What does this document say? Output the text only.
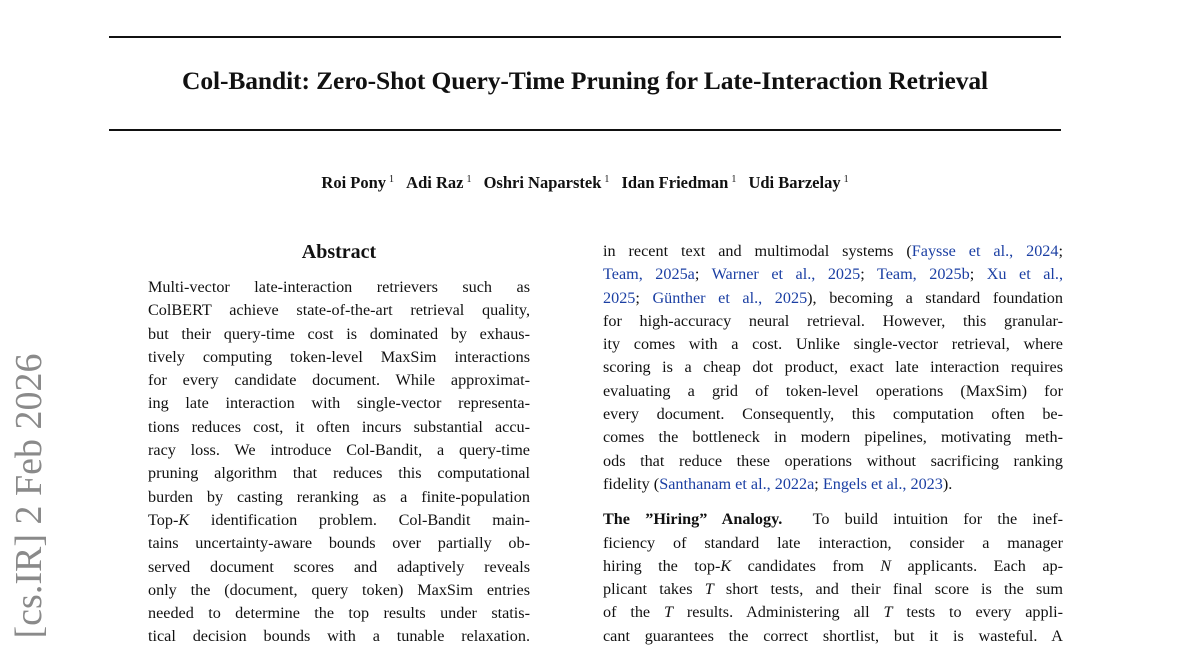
Col-Bandit: Zero-Shot Query-Time Pruning for Late-Interaction Retrieval
Roi Pony $^1$ Adi Raz $^1$ Oshri Naparstek $^1$ Idan Friedman $^1$ Udi Barzelay $^1$
[cs.IR] 2 Feb 2026
Abstract
Multi-vector late-interaction retrievers such as
ColBERT achieve state-of-the-art retrieval quality,
but their query-time cost is dominated by exhaus-
tively computing token-level MaxSim interactions
for every candidate document. While approximat-
ing late interaction with single-vector representa-
tions reduces cost, it often incurs substantial accu-
racy loss. We introduce Col-Bandit, a query-time
pruning algorithm that reduces this computational
burden by casting reranking as a finite-population
Top-K identification problem. Col-Bandit main-
tains uncertainty-aware bounds over partially ob-
served document scores and adaptively reveals
only the (document, query token) MaxSim entries
needed to determine the top results under statis-
tical decision bounds with a tunable relaxation.
in recent text and multimodal systems (Faysse et al., 2024;
Team, 2025a; Warner et al., 2025; Team, 2025b; Xu et al.,
2025; Günther et al., 2025), becoming a standard foundation
for high-accuracy neural retrieval. However, this granular-
ity comes with a cost. Unlike single-vector retrieval, where
scoring is a cheap dot product, exact late interaction requires
evaluating a grid of token-level operations (MaxSim) for
every document. Consequently, this computation often be-
comes the bottleneck in modern pipelines, motivating meth-
ods that reduce these operations without sacrificing ranking
fidelity (Santhanam et al., 2022a; Engels et al., 2023).
The ”Hiring” Analogy. To build intuition for the inef-
ficiency of standard late interaction, consider a manager
hiring the top-K candidates from N applicants. Each ap-
plicant takes T short tests, and their final score is the sum
of the T results. Administering all T tests to every appli-
cant guarantees the correct shortlist, but it is wasteful. A
